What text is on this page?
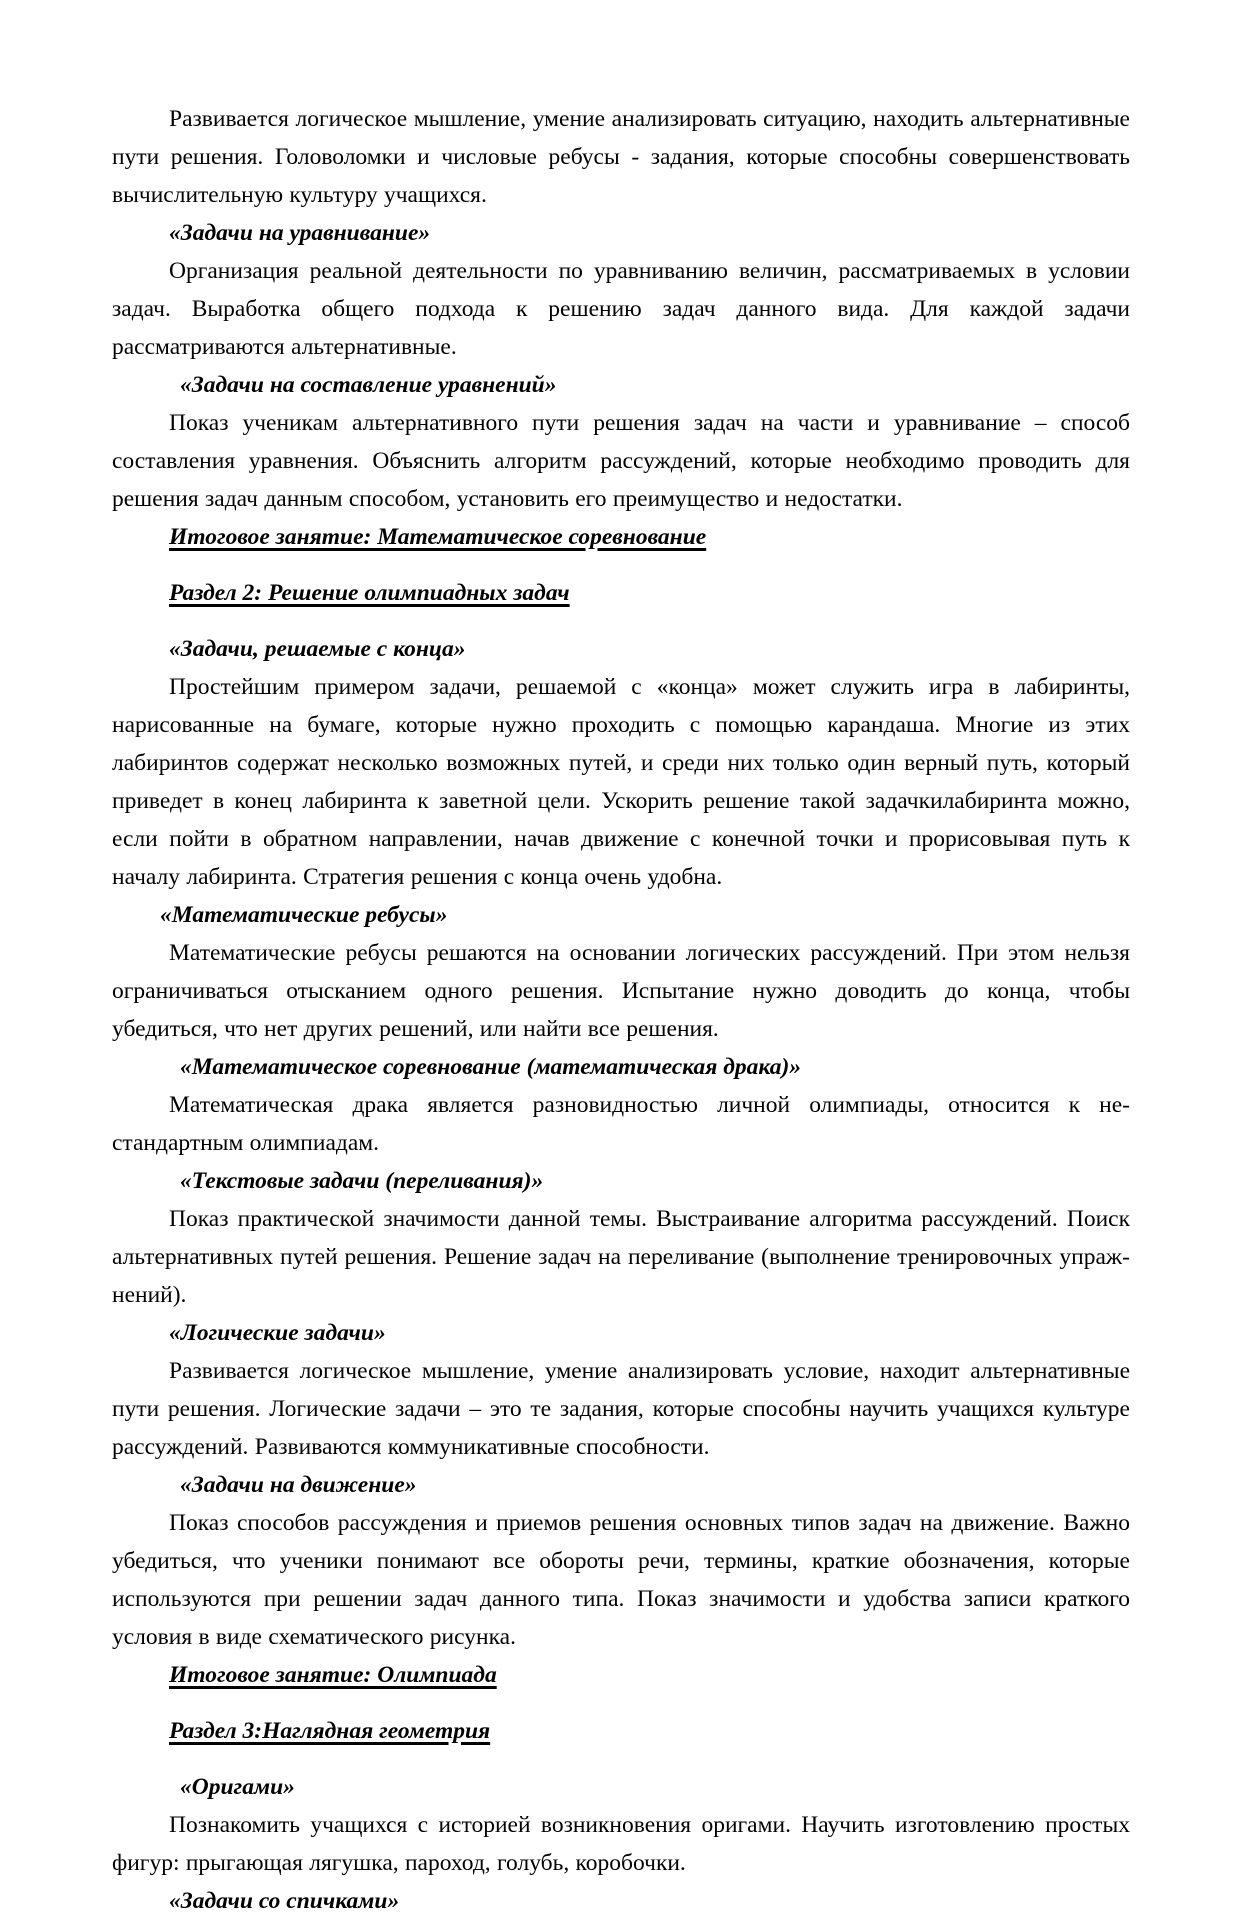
Развивается логическое мышление, умение анализировать ситуацию, находить альтернативные пути решения. Головоломки и числовые ребусы - задания, которые способны совершенствовать вычислительную культуру учащихся.

«Задачи на уравнивание»

Организация реальной деятельности по уравниванию величин, рассматриваемых в условии задач. Выработка общего подхода к решению задач данного вида. Для каждой задачи рассматриваются альтернативные.

«Задачи на составление уравнений»

Показ ученикам альтернативного пути решения задач на части и уравнивание – способ составления уравнения. Объяснить алгоритм рассуждений, которые необходимо проводить для решения задач данным способом, установить его преимущество и недостатки.

Итоговое занятие: Математическое соревнование
Раздел 2: Решение олимпиадных задач
«Задачи, решаемые с конца»

Простейшим примером задачи, решаемой с «конца» может служить игра в лабиринты, нарисованные на бумаге, которые нужно проходить с помощью карандаша. Многие из этих лабиринтов содержат несколько возможных путей, и среди них только один верный путь, который приведет в конец лабиринта к заветной цели. Ускорить решение такой задачкилабиринта можно, если пойти в обратном направлении, начав движение с конечной точки и прорисовывая путь к началу лабиринта. Стратегия решения с конца очень удобна.

«Математические ребусы»

Математические ребусы решаются на основании логических рассуждений. При этом нельзя ограничиваться отысканием одного решения. Испытание нужно доводить до конца, чтобы убедиться, что нет других решений, или найти все решения.

«Математическое соревнование (математическая драка)»

Математическая драка является разновидностью личной олимпиады, относится к нестандартным олимпиадам.

«Текстовые задачи (переливания)»

Показ практической значимости данной темы. Выстраивание алгоритма рассуждений. Поиск альтернативных путей решения. Решение задач на переливание (выполнение тренировочных упражнений).

«Логические задачи»

Развивается логическое мышление, умение анализировать условие, находит альтернативные пути решения. Логические задачи – это те задания, которые способны научить учащихся культуре рассуждений. Развиваются коммуникативные способности.

«Задачи на движение»

Показ способов рассуждения и приемов решения основных типов задач на движение. Важно убедиться, что ученики понимают все обороты речи, термины, краткие обозначения, которые используются при решении задач данного типа. Показ значимости и удобства записи краткого условия в виде схематического рисунка.

Итоговое занятие: Олимпиада
Раздел 3:Наглядная геометрия
«Оригами»

Познакомить учащихся с историей возникновения оригами. Научить изготовлению простых фигур: прыгающая лягушка, пароход, голубь, коробочки.

«Задачи со спичками»
